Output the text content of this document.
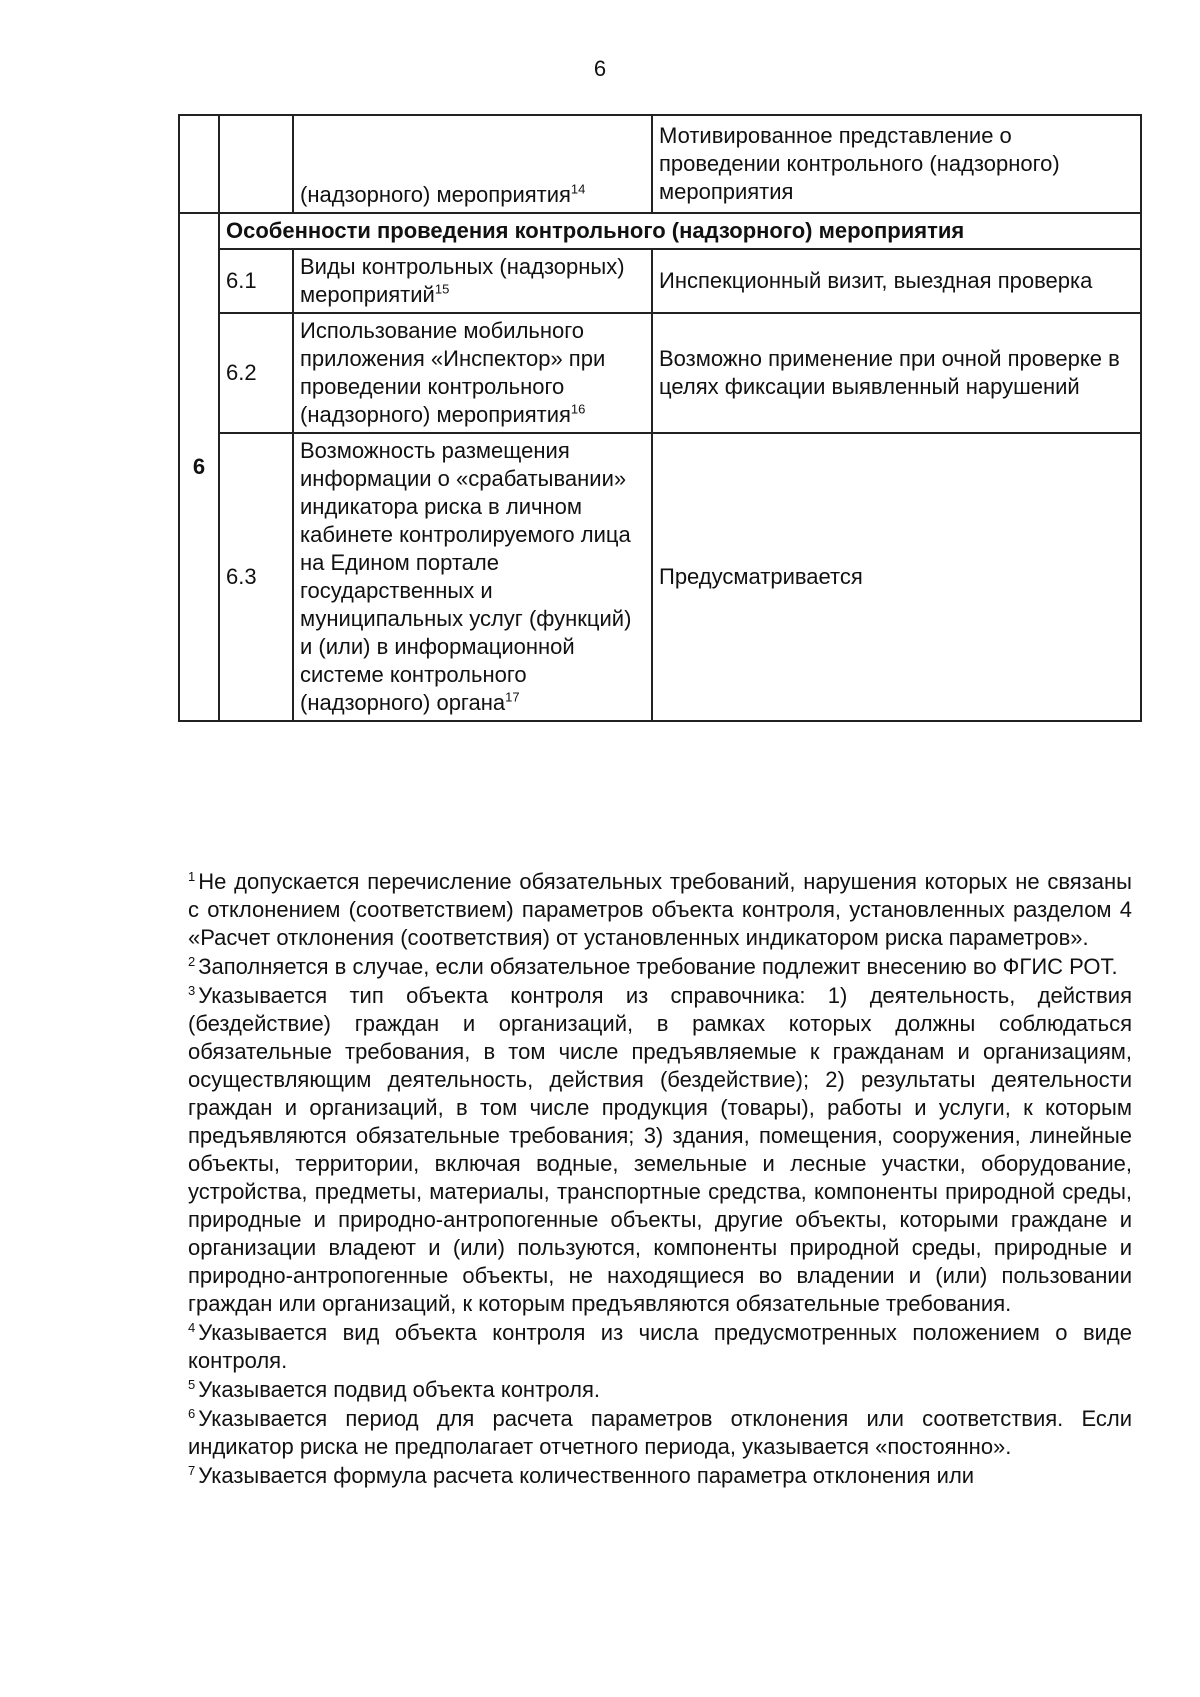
6
		(надзорного) мероприятия$^{14}$	Мотивированное представление о проведении контрольного (надзорного) мероприятия
6	Особенности проведения контрольного (надзорного) мероприятия		
	6.1	Виды контрольных (надзорных) мероприятий$^{15}$	Инспекционный визит, выездная проверка
	6.2	Использование мобильного приложения «Инспектор» при проведении контрольного (надзорного) мероприятия$^{16}$	Возможно применение при очной проверке в целях фиксации выявленный нарушений
	6.3	Возможность размещения информации о «срабатывании» индикатора риска в личном кабинете контролируемого лица на Едином портале государственных и муниципальных услуг (функций) и (или) в информационной системе контрольного (надзорного) органа$^{17}$	Предусматривается

$^1$ Не допускается перечисление обязательных требований, нарушения которых не связаны с отклонением (соответствием) параметров объекта контроля, установленных разделом 4 «Расчет отклонения (соответствия) от установленных индикатором риска параметров».

$^2$ Заполняется в случае, если обязательное требование подлежит внесению во ФГИС РОТ.

$^3$ Указывается тип объекта контроля из справочника: 1) деятельность, действия (бездействие) граждан и организаций, в рамках которых должны соблюдаться обязательные требования, в том числе предъявляемые к гражданам и организациям, осуществляющим деятельность, действия (бездействие); 2) результаты деятельности граждан и организаций, в том числе продукция (товары), работы и услуги, к которым предъявляются обязательные требования; 3) здания, помещения, сооружения, линейные объекты, территории, включая водные, земельные и лесные участки, оборудование, устройства, предметы, материалы, транспортные средства, компоненты природной среды, природные и природно-антропогенные объекты, другие объекты, которыми граждане и организации владеют и (или) пользуются, компоненты природной среды, природные и природно-антропогенные объекты, не находящиеся во владении и (или) пользовании граждан или организаций, к которым предъявляются обязательные требования.

$^4$ Указывается вид объекта контроля из числа предусмотренных положением о виде контроля.

$^5$ Указывается подвид объекта контроля.

$^6$ Указывается период для расчета параметров отклонения или соответствия. Если индикатор риска не предполагает отчетного периода, указывается «постоянно».

$^7$ Указывается формула расчета количественного параметра отклонения или
